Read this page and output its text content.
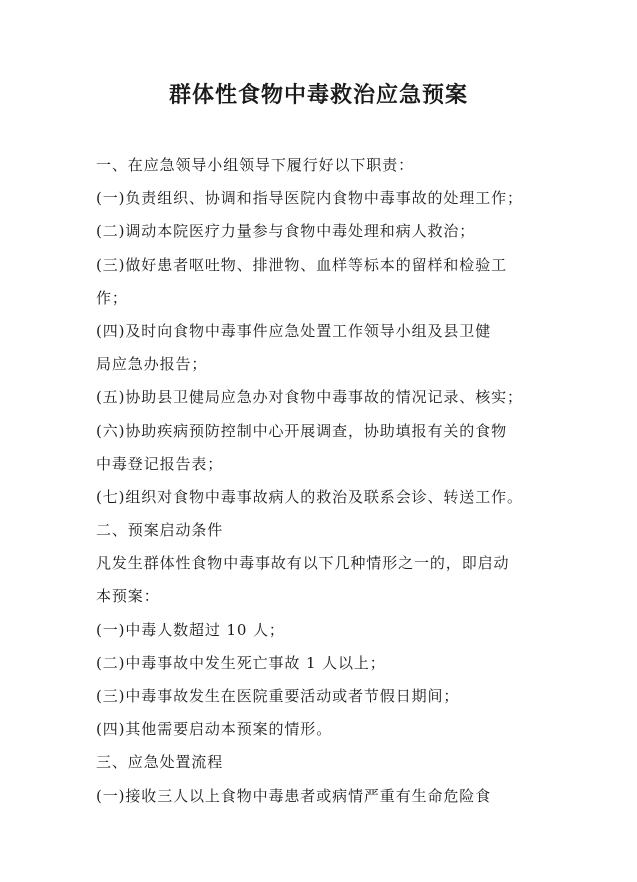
群体性食物中毒救治应急预案
一、在应急领导小组领导下履行好以下职责：
(一)负责组织、协调和指导医院内食物中毒事故的处理工作；
(二)调动本院医疗力量参与食物中毒处理和病人救治；
(三)做好患者呕吐物、排泄物、血样等标本的留样和检验工
作；
(四)及时向食物中毒事件应急处置工作领导小组及县卫健
局应急办报告；
(五)协助县卫健局应急办对食物中毒事故的情况记录、核实；
(六)协助疾病预防控制中心开展调查，协助填报有关的食物
中毒登记报告表；
(七)组织对食物中毒事故病人的救治及联系会诊、转送工作。
二、预案启动条件
凡发生群体性食物中毒事故有以下几种情形之一的，即启动
本预案：
(一)中毒人数超过 10 人；
(二)中毒事故中发生死亡事故 1 人以上；
(三)中毒事故发生在医院重要活动或者节假日期间；
(四)其他需要启动本预案的情形。
三、应急处置流程
(一)接收三人以上食物中毒患者或病情严重有生命危险食
